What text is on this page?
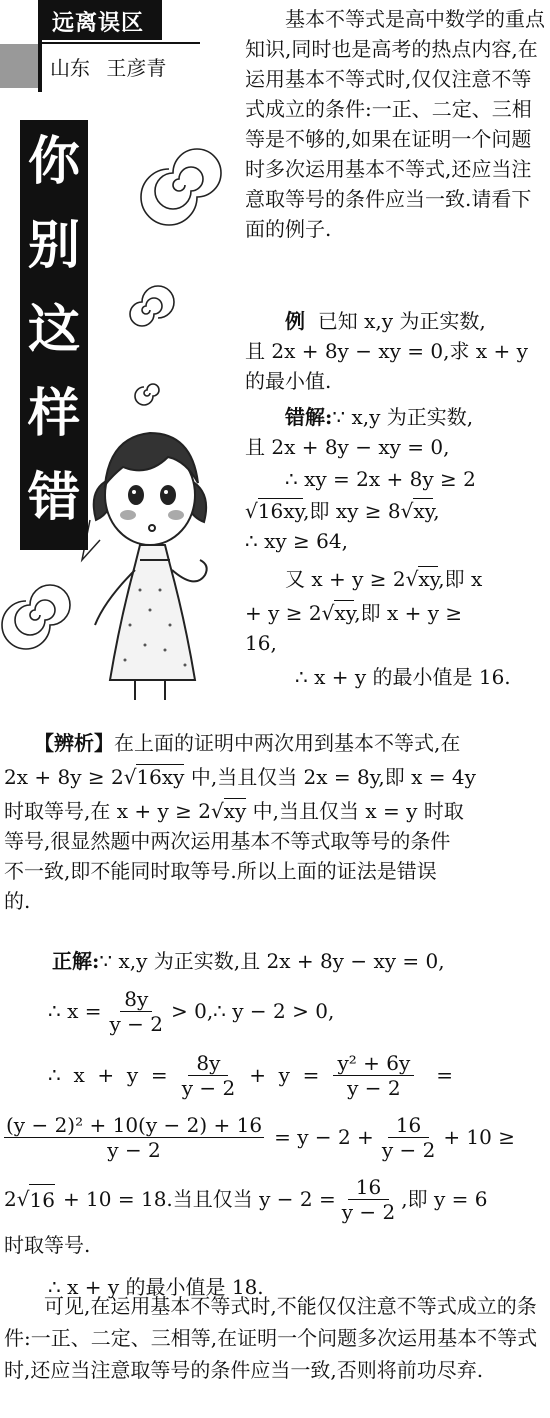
远离误区
山东 王彦青
你
别
这
样
错
基本不等式是高中数学的重点知识,同时也是高考的热点内容,在运用基本不等式时,仅仅注意不等式成立的条件:一正、二定、三相等是不够的,如果在证明一个问题时多次运用基本不等式,还应当注意取等号的条件应当一致.请看下面的例子.

例 已知 x,y 为正实数,

且 2x + 8y − xy = 0,求 x + y

的最小值.

错解:∵ x,y 为正实数,

且 2x + 8y − xy = 0,

∴ xy = 2x + 8y ≥ 2

√16xy,即 xy ≥ 8√xy,

∴ xy ≥ 64,

又 x + y ≥ 2√xy,即 x

+ y ≥ 2√xy,即 x + y ≥

16,

∴ x + y 的最小值是 16.

【辨析】在上面的证明中两次用到基本不等式,在

2x + 8y ≥ 2√16xy 中,当且仅当 2x = 8y,即 x = 4y

时取等号,在 x + y ≥ 2√xy 中,当且仅当 x = y 时取

等号,很显然题中两次运用基本不等式取等号的条件

不一致,即不能同时取等号.所以上面的证法是错误

的.

正解:∵ x,y 为正实数,且 2x + 8y − xy = 0,

∴ $x = \frac{8y}{y - 2}$ > 0,∴ y − 2 > 0,
∴  $x + y = \frac{8y}{y - 2} + y = \frac{\text{y² + 6y}}{y - 2}$ =
$\frac{\text{(y − 2)² + 10(y − 2) + 16}}{y - 2} = y - 2 + \frac{16}{y - 2} + 10$ ≥
2 √ 16 + 10 = 18.当且仅当 $y - 2 = \frac{16}{y - 2}$ ,即 y = 6

时取等号.

∴ x + y 的最小值是 18.

可见,在运用基本不等式时,不能仅仅注意不等式成立的条件:一正、二定、三相等,在证明一个问题多次运用基本不等式时,还应当注意取等号的条件应当一致,否则将前功尽弃.
